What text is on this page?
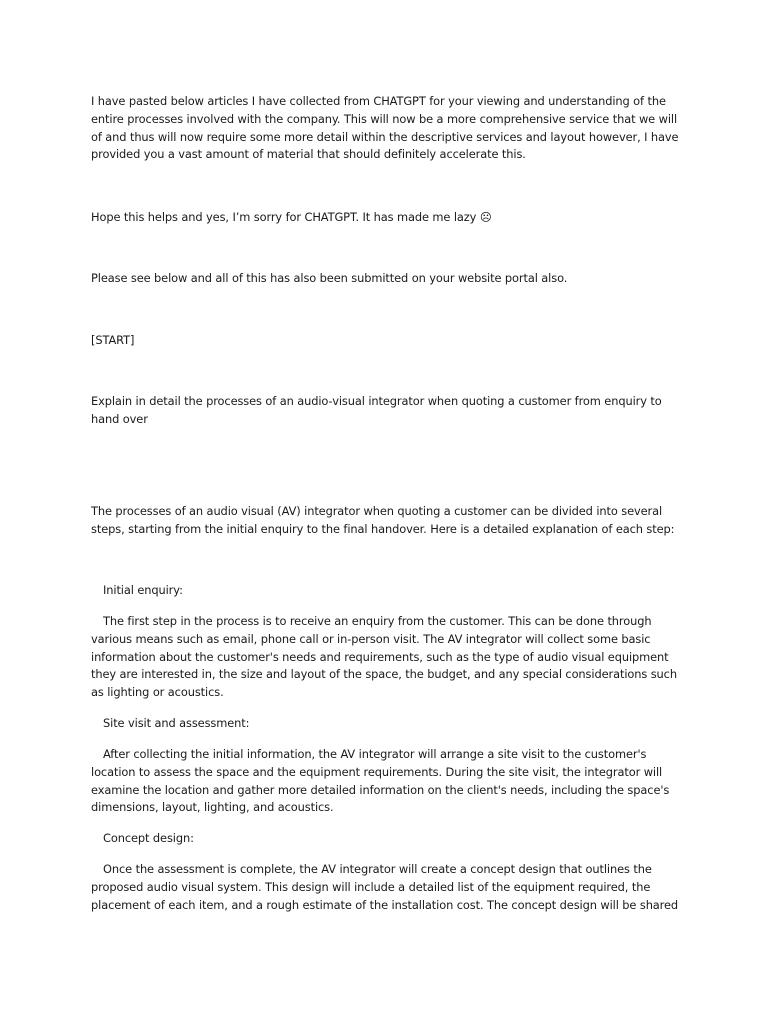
I have pasted below articles I have collected from CHATGPT for your viewing and understanding of the entire processes involved with the company. This will now be a more comprehensive service that we will of and thus will now require some more detail within the descriptive services and layout however, I have provided you a vast amount of material that should definitely accelerate this.

Hope this helps and yes, I’m sorry for CHATGPT. It has made me lazy ☹

Please see below and all of this has also been submitted on your website portal also.

[START]

Explain in detail the processes of an audio-visual integrator when quoting a customer from enquiry to hand over

The processes of an audio visual (AV) integrator when quoting a customer can be divided into several steps, starting from the initial enquiry to the final handover. Here is a detailed explanation of each step:

Initial enquiry:

The first step in the process is to receive an enquiry from the customer. This can be done through various means such as email, phone call or in-person visit. The AV integrator will collect some basic information about the customer's needs and requirements, such as the type of audio visual equipment they are interested in, the size and layout of the space, the budget, and any special considerations such as lighting or acoustics.

Site visit and assessment:

After collecting the initial information, the AV integrator will arrange a site visit to the customer's location to assess the space and the equipment requirements. During the site visit, the integrator will examine the location and gather more detailed information on the client's needs, including the space's dimensions, layout, lighting, and acoustics.

Concept design:

Once the assessment is complete, the AV integrator will create a concept design that outlines the proposed audio visual system. This design will include a detailed list of the equipment required, the placement of each item, and a rough estimate of the installation cost. The concept design will be shared
